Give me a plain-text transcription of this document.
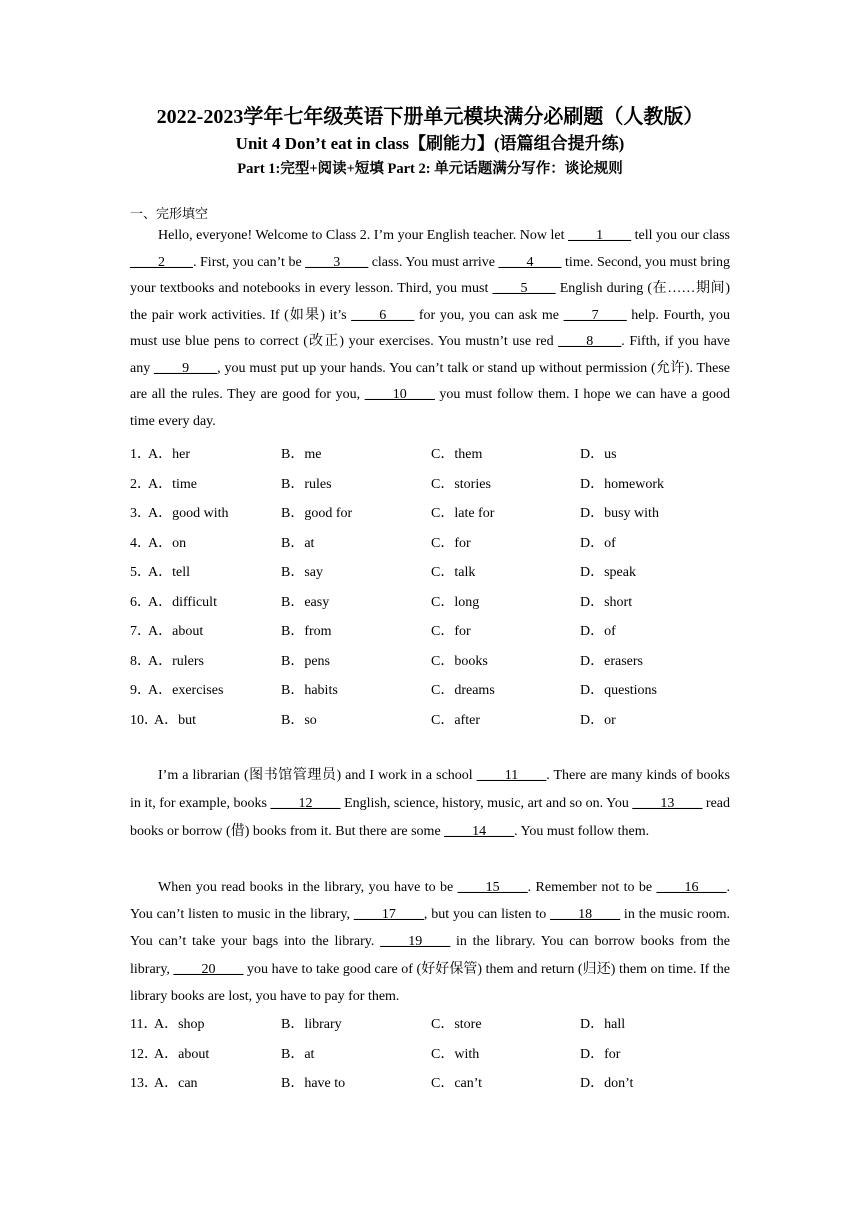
2022-2023学年七年级英语下册单元模块满分必刷题（人教版）
Unit 4 Don’t eat in class【刷能力】(语篇组合提升练)
Part 1:完型+阅读+短填 Part 2: 单元话题满分写作：谈论规则
一、完形填空
Hello, everyone! Welcome to Class 2. I’m your English teacher. Now let ____1____ tell you our class ____2____. First, you can’t be ____3____ class. You must arrive ____4____ time. Second, you must bring your textbooks and notebooks in every lesson. Third, you must ____5____ English during (在……期间) the pair work activities. If (如果) it’s ____6____ for you, you can ask me ____7____ help. Fourth, you must use blue pens to correct (改正) your exercises. You mustn’t use red ____8____. Fifth, if you have any ____9____, you must put up your hands. You can’t talk or stand up without permission (允许). These are all the rules. They are good for you, ____10____ you must follow them. I hope we can have a good time every day.
1．
A．her	B．me	C．them	D．us
2．
A．time	B．rules	C．stories	D．homework
3．
A．good with	B．good for	C．late for	D．busy with
4．
A．on	B．at	C．for	D．of
5．
A．tell	B．say	C．talk	D．speak
6．
A．difficult	B．easy	C．long	D．short
7．
A．about	B．from	C．for	D．of
8．
A．rulers	B．pens	C．books	D．erasers
9．
A．exercises	B．habits	C．dreams	D．questions
10．
A．but	B．so	C．after	D．or
I’m a librarian (图书馆管理员) and I work in a school ____11____. There are many kinds of books in it, for example, books ____12____ English, science, history, music, art and so on. You ____13____ read books or borrow (借) books from it. But there are some ____14____. You must follow them.
When you read books in the library, you have to be ____15____. Remember not to be ____16____. You can’t listen to music in the library, ____17____, but you can listen to ____18____ in the music room. You can’t take your bags into the library. ____19____ in the library. You can borrow books from the library, ____20____ you have to take good care of (好好保管) them and return (归还) them on time. If the library books are lost, you have to pay for them.
11．
A．shop	B．library	C．store	D．hall
12．
A．about	B．at	C．with	D．for
13．
A．can	B．have to	C．can’t	D．don’t
